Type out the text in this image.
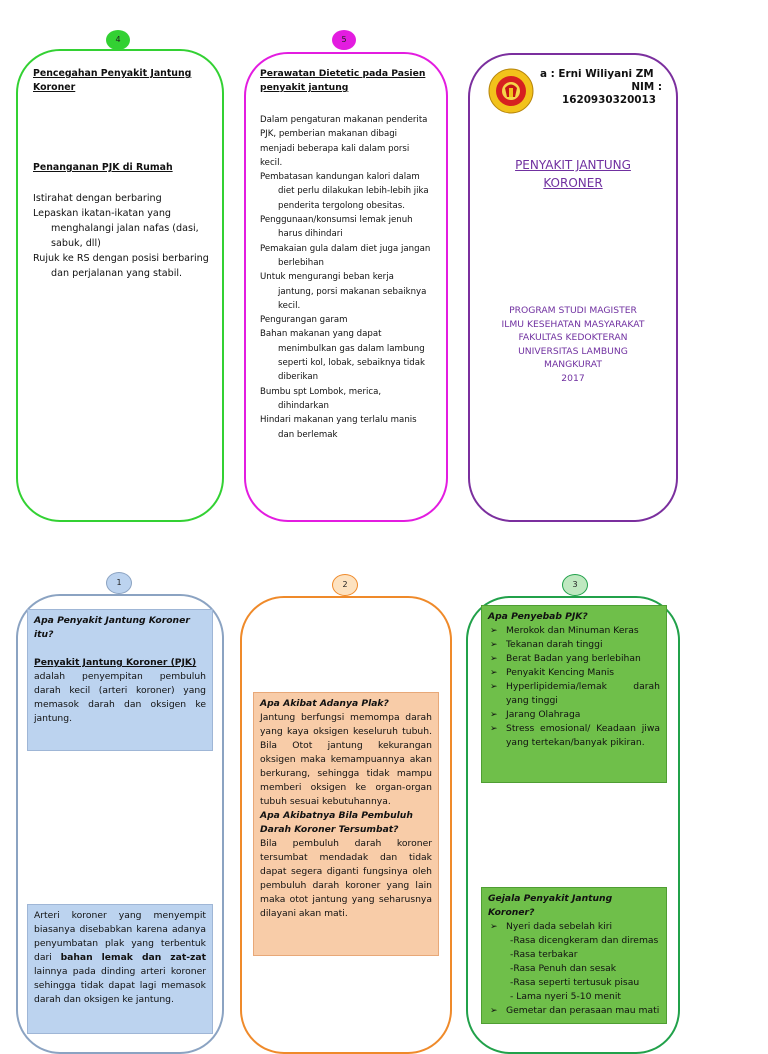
4	5
1	2	3
Pencegahan Penyakit Jantung Koroner
Penanganan PJK di Rumah

Istirahat dengan berbaring

Lepaskan ikatan-ikatan yang menghalangi jalan nafas (dasi, sabuk, dll)

Rujuk ke RS dengan posisi berbaring dan perjalanan yang stabil.

Perawatan Dietetic pada Pasien penyakit jantung

Dalam pengaturan makanan penderita PJK, pemberian makanan dibagi menjadi beberapa kali dalam porsi kecil.

Pembatasan kandungan kalori dalam diet perlu dilakukan lebih-lebih jika penderita tergolong obesitas.

Penggunaan/konsumsi lemak jenuh harus dihindari

Pemakaian gula dalam diet juga jangan berlebihan

Untuk mengurangi beban kerja jantung, porsi makanan sebaiknya kecil.

Pengurangan garam

Bahan makanan yang dapat menimbulkan gas dalam lambung seperti kol, lobak, sebaiknya tidak diberikan

Bumbu spt Lombok, merica, dihindarkan

Hindari makanan yang terlalu manis dan berlemak

a : Erni Wiliyani ZM
NIM :
1620930320013
PENYAKIT JANTUNG
KORONER
PROGRAM STUDI MAGISTER
ILMU KESEHATAN MASYARAKAT
FAKULTAS KEDOKTERAN
UNIVERSITAS LAMBUNG
MANGKURAT
2017
Apa Penyakit Jantung Koroner itu?
Penyakit Jantung Koroner (PJK)
adalah penyempitan pembuluh darah kecil (arteri koroner) yang memasok darah dan oksigen ke jantung.
Arteri koroner yang menyempit biasanya disebabkan karena adanya penyumbatan plak yang terbentuk dari bahan lemak dan zat-zat lainnya pada dinding arteri koroner sehingga tidak dapat lagi memasok darah dan oksigen ke jantung.
Apa Akibat Adanya Plak?
Jantung berfungsi memompa darah yang kaya oksigen keseluruh tubuh. Bila Otot jantung kekurangan oksigen maka kemampuannya akan berkurang, sehingga tidak mampu memberi oksigen ke organ-organ tubuh sesuai kebutuhannya.
Apa Akibatnya Bila Pembuluh Darah Koroner Tersumbat?
Bila pembuluh darah koroner tersumbat mendadak dan tidak dapat segera diganti fungsinya oleh pembuluh darah koroner yang lain maka otot jantung yang seharusnya dilayani akan mati.
Apa Penyebab PJK?
➢ Merokok dan Minuman Keras
➢ Tekanan darah tinggi
➢ Berat Badan yang berlebihan
➢ Penyakit Kencing Manis
➢ Hyperlipidemia/lemak darah yang tinggi
➢ Jarang Olahraga
➢ Stress emosional/ Keadaan jiwa yang tertekan/banyak pikiran.
Gejala Penyakit Jantung Koroner?
➢ Nyeri dada sebelah kiri
-Rasa dicengkeram dan diremas
-Rasa terbakar
-Rasa Penuh dan sesak
-Rasa seperti tertusuk pisau
- Lama nyeri 5-10 menit
➢ Gemetar dan perasaan mau mati
